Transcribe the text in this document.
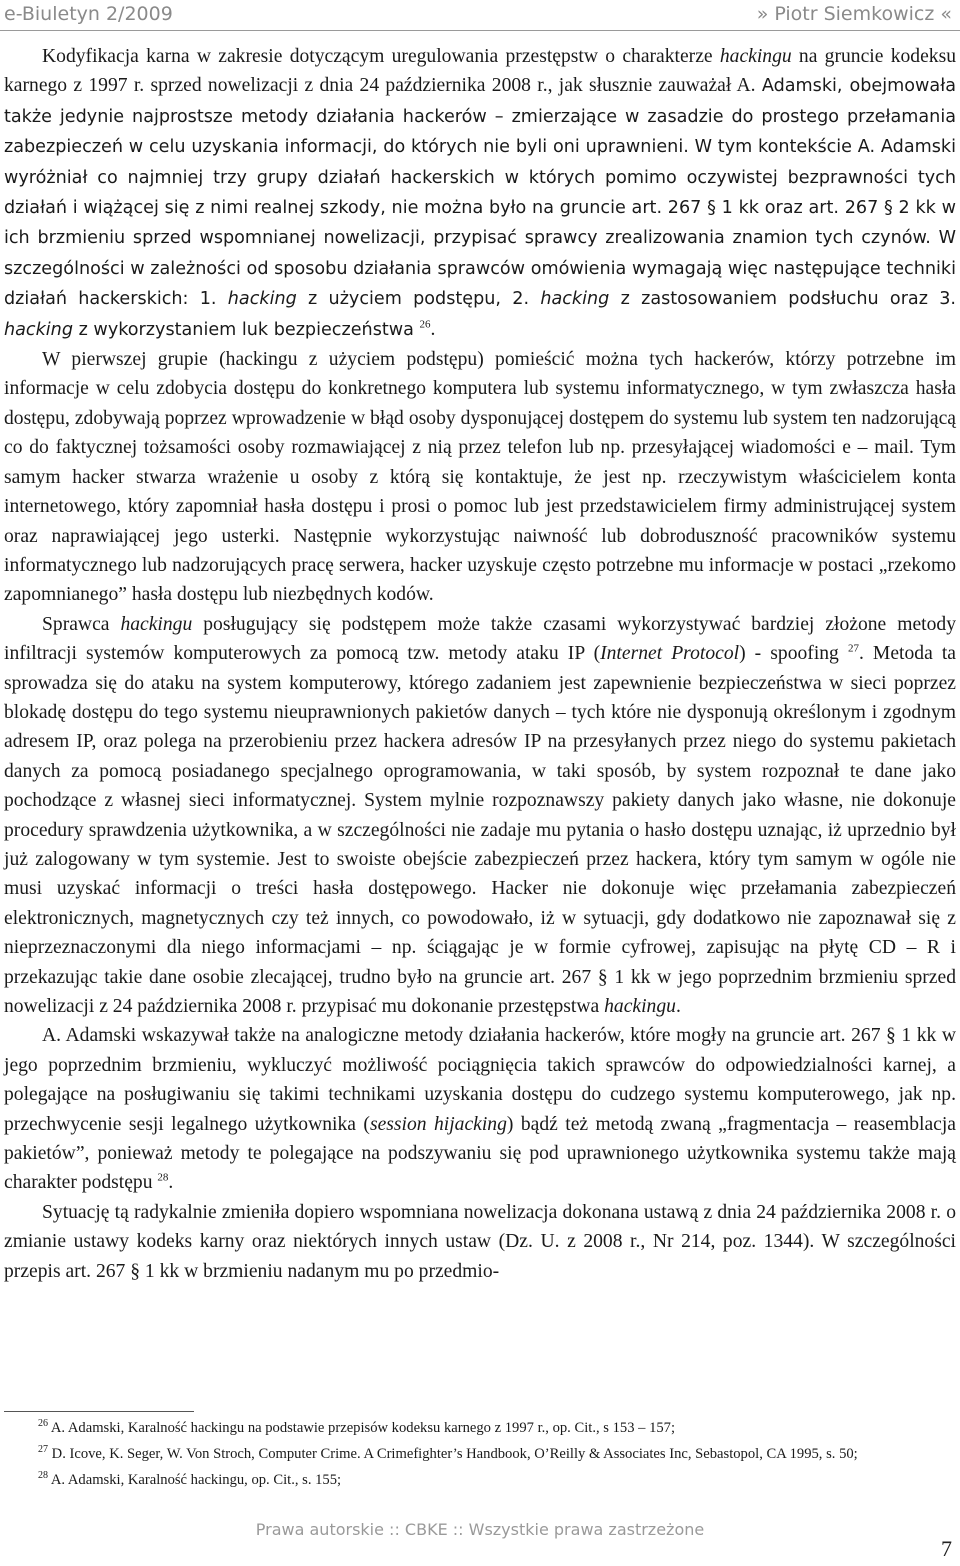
e-Biuletyn 2/2009	» Piotr Siemkowicz «

Kodyfikacja karna w zakresie dotyczącym uregulowania przestępstw o charakterze hackingu na gruncie kodeksu karnego z 1997 r. sprzed nowelizacji z dnia 24 października 2008 r., jak słusznie zauważał A. Adamski, obejmowała także jedynie najprostsze metody działania hackerów – zmierzające w zasadzie do prostego przełamania zabezpieczeń w celu uzyskania informacji, do których nie byli oni uprawnieni. W tym kontekście A. Adamski wyróżniał co najmniej trzy grupy działań hackerskich w których pomimo oczywistej bezprawności tych działań i wiążącej się z nimi realnej szkody, nie można było na gruncie art. 267 § 1 kk oraz art. 267 § 2 kk w ich brzmieniu sprzed wspomnianej nowelizacji, przypisać sprawcy zrealizowania znamion tych czynów. W szczególności w zależności od sposobu działania sprawców omówienia wymagają więc następujące techniki działań hackerskich: 1. hacking z użyciem podstępu, 2. hacking z zastosowaniem podsłuchu oraz 3. hacking z wykorzystaniem luk bezpieczeństwa $^{26}$.

W pierwszej grupie (hackingu z użyciem podstępu) pomieścić można tych hackerów, którzy potrzebne im informacje w celu zdobycia dostępu do konkretnego komputera lub systemu informatycznego, w tym zwłaszcza hasła dostępu, zdobywają poprzez wprowadzenie w błąd osoby dysponującej dostępem do systemu lub system ten nadzorującą co do faktycznej tożsamości osoby rozmawiającej z nią przez telefon lub np. przesyłającej wiadomości e – mail. Tym samym hacker stwarza wrażenie u osoby z którą się kontaktuje, że jest np. rzeczywistym właścicielem konta internetowego, który zapomniał hasła dostępu i prosi o pomoc lub jest przedstawicielem firmy administrującej system oraz naprawiającej jego usterki. Następnie wykorzystując naiwność lub dobroduszność pracowników systemu informatycznego lub nadzorujących pracę serwera, hacker uzyskuje często potrzebne mu informacje w postaci „rzekomo zapomnianego” hasła dostępu lub niezbędnych kodów.

Sprawca hackingu posługujący się podstępem może także czasami wykorzystywać bardziej złożone metody infiltracji systemów komputerowych za pomocą tzw. metody ataku IP (Internet Protocol) - spoofing $^{27}$. Metoda ta sprowadza się do ataku na system komputerowy, którego zadaniem jest zapewnienie bezpieczeństwa w sieci poprzez blokadę dostępu do tego systemu nieuprawnionych pakietów danych – tych które nie dysponują określonym i zgodnym adresem IP, oraz polega na przerobieniu przez hackera adresów IP na przesyłanych przez niego do systemu pakietach danych za pomocą posiadanego specjalnego oprogramowania, w taki sposób, by system rozpoznał te dane jako pochodzące z własnej sieci informatycznej. System mylnie rozpoznawszy pakiety danych jako własne, nie dokonuje procedury sprawdzenia użytkownika, a w szczególności nie zadaje mu pytania o hasło dostępu uznając, iż uprzednio był już zalogowany w tym systemie. Jest to swoiste obejście zabezpieczeń przez hackera, który tym samym w ogóle nie musi uzyskać informacji o treści hasła dostępowego. Hacker nie dokonuje więc przełamania zabezpieczeń elektronicznych, magnetycznych czy też innych, co powodowało, iż w sytuacji, gdy dodatkowo nie zapoznawał się z nieprzeznaczonymi dla niego informacjami – np. ściągając je w formie cyfrowej, zapisując na płytę CD – R i przekazując takie dane osobie zlecającej, trudno było na gruncie art. 267 § 1 kk w jego poprzednim brzmieniu sprzed nowelizacji z 24 października 2008 r. przypisać mu dokonanie przestępstwa hackingu.

A. Adamski wskazywał także na analogiczne metody działania hackerów, które mogły na gruncie art. 267 § 1 kk w jego poprzednim brzmieniu, wykluczyć możliwość pociągnięcia takich sprawców do odpowiedzialności karnej, a polegające na posługiwaniu się takimi technikami uzyskania dostępu do cudzego systemu komputerowego, jak np. przechwycenie sesji legalnego użytkownika (session hijacking) bądź też metodą zwaną „fragmentacja – reasemblacja pakietów”, ponieważ metody te polegające na podszywaniu się pod uprawnionego użytkownika systemu także mają charakter podstępu $^{28}$.

Sytuację tą radykalnie zmieniła dopiero wspomniana nowelizacja dokonana ustawą z dnia 24 października 2008 r. o zmianie ustawy kodeks karny oraz niektórych innych ustaw (Dz. U. z 2008 r., Nr 214, poz. 1344). W szczególności przepis art. 267 § 1 kk w brzmieniu nadanym mu po przedmio-

$^{26}$ A. Adamski, Karalność hackingu na podstawie przepisów kodeksu karnego z 1997 r., op. Cit., s 153 – 157;

$^{27}$ D. Icove, K. Seger, W. Von Stroch, Computer Crime. A Crimefighter’s Handbook, O’Reilly & Associates Inc, Sebastopol, CA 1995, s. 50;

$^{28}$ A. Adamski, Karalność hackingu, op. Cit., s. 155;

Prawa autorskie :: CBKE :: Wszystkie prawa zastrzeżone
7
